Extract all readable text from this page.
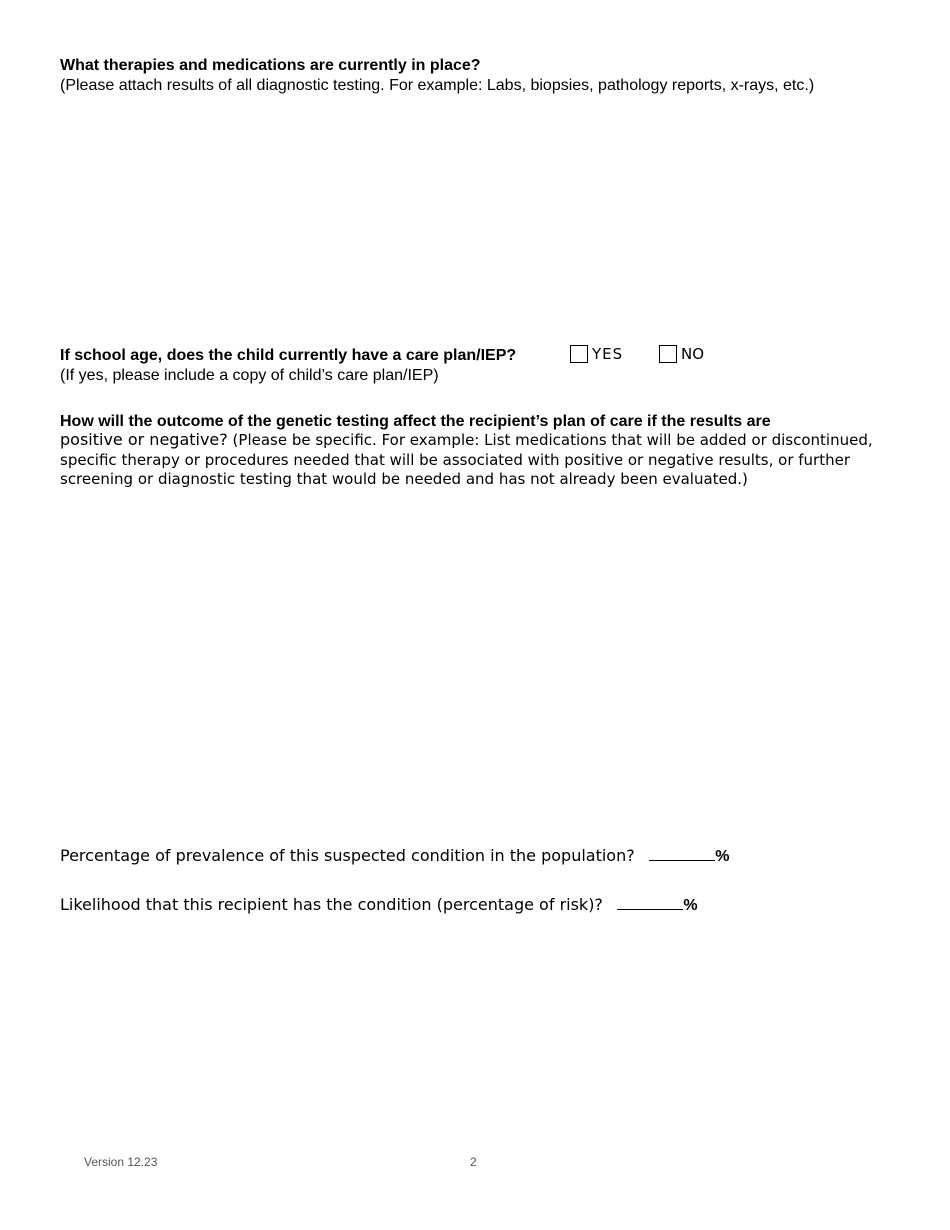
What therapies and medications are currently in place?
(Please attach results of all diagnostic testing. For example: Labs, biopsies, pathology reports, x-rays, etc.)
If school age, does the child currently have a care plan/IEP?	YES	NO
(If yes, please include a copy of child’s care plan/IEP)
How will the outcome of the genetic testing affect the recipient’s plan of care if the results are
positive or negative? (Please be specific. For example: List medications that will be added or discontinued,
specific therapy or procedures needed that will be associated with positive or negative results, or further
screening or diagnostic testing that would be needed and has not already been evaluated.)
Percentage of prevalence of this suspected condition in the population?	%
Likelihood that this recipient has the condition (percentage of risk)?	%
Version 12.23	2
